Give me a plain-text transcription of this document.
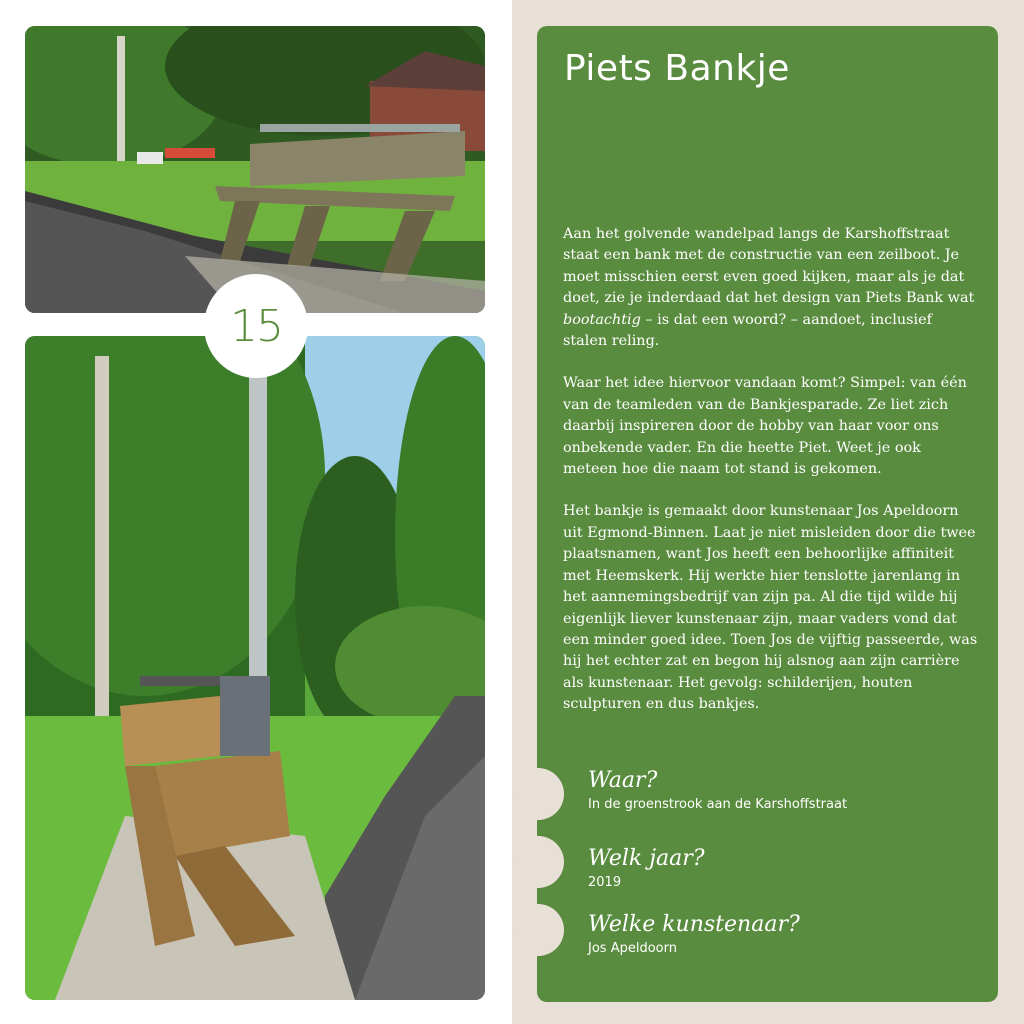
15
Piets Bankje

Aan het golvende wandelpad langs de Karshoffstraat staat een bank met de constructie van een zeilboot. Je moet misschien eerst even goed kijken, maar als je dat doet, zie je inderdaad dat het design van Piets Bank wat bootachtig – is dat een woord? – aandoet, inclusief stalen reling.

Waar het idee hiervoor vandaan komt? Simpel: van één van de teamleden van de Bankjesparade. Ze liet zich daarbij inspireren door de hobby van haar voor ons onbekende vader. En die heette Piet. Weet je ook meteen hoe die naam tot stand is gekomen.

Het bankje is gemaakt door kunstenaar Jos Apeldoorn uit Egmond-Binnen. Laat je niet misleiden door die twee plaatsnamen, want Jos heeft een behoorlijke affiniteit met Heemskerk. Hij werkte hier tenslotte jarenlang in het aannemingsbedrijf van zijn pa. Al die tijd wilde hij eigenlijk liever kunstenaar zijn, maar vaders vond dat een minder goed idee. Toen Jos de vijftig passeerde, was hij het echter zat en begon hij alsnog aan zijn carrière als kunstenaar. Het gevolg: schilderijen, houten sculpturen en dus bankjes.

Waar?
In de groenstrook aan de Karshoffstraat
Welk jaar?
2019
Welke kunstenaar?
Jos Apeldoorn
